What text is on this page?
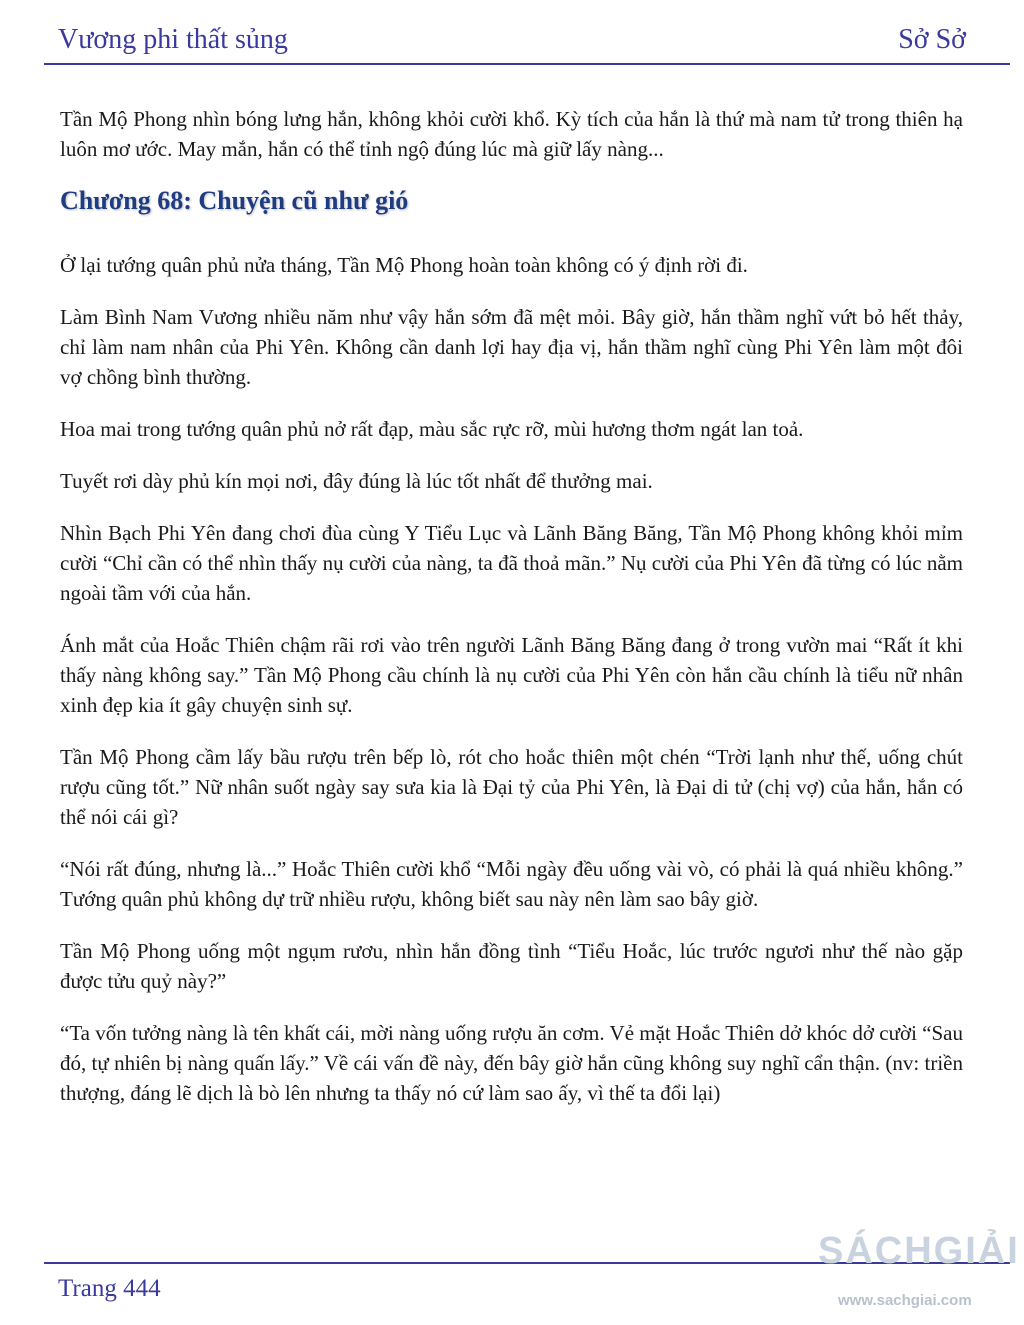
Vương phi thất sủng	Sở Sở

Tần Mộ Phong nhìn bóng lưng hắn, không khỏi cười khổ. Kỳ tích của hắn là thứ mà nam tử trong thiên hạ luôn mơ ước. May mắn, hắn có thể tỉnh ngộ đúng lúc mà giữ lấy nàng...

Chương 68: Chuyện cũ như gió

Ở lại tướng quân phủ nửa tháng, Tần Mộ Phong hoàn toàn không có ý định rời đi.

Làm Bình Nam Vương nhiều năm như vậy hắn sớm đã mệt mỏi. Bây giờ, hắn thầm nghĩ vứt bỏ hết thảy, chỉ làm nam nhân của Phi Yên. Không cần danh lợi hay địa vị, hắn thầm nghĩ cùng Phi Yên làm một đôi vợ chồng bình thường.

Hoa mai trong tướng quân phủ nở rất đạp, màu sắc rực rỡ, mùi hương thơm ngát lan toả.

Tuyết rơi dày phủ kín mọi nơi, đây đúng là lúc tốt nhất để thưởng mai.

Nhìn Bạch Phi Yên đang chơi đùa cùng Y Tiểu Lục và Lãnh Băng Băng, Tần Mộ Phong không khỏi mỉm cười “Chỉ cần có thể nhìn thấy nụ cười của nàng, ta đã thoả mãn.” Nụ cười của Phi Yên đã từng có lúc nằm ngoài tầm với của hắn.

Ánh mắt của Hoắc Thiên chậm rãi rơi vào trên người Lãnh Băng Băng đang ở trong vườn mai “Rất ít khi thấy nàng không say.” Tần Mộ Phong cầu chính là nụ cười của Phi Yên còn hắn cầu chính là tiểu nữ nhân xinh đẹp kia ít gây chuyện sinh sự.

Tần Mộ Phong cầm lấy bầu rượu trên bếp lò, rót cho hoắc thiên một chén “Trời lạnh như thế, uống chút rượu cũng tốt.” Nữ nhân suốt ngày say sưa kia là Đại tỷ của Phi Yên, là Đại di tử (chị vợ) của hắn, hắn có thể nói cái gì?

“Nói rất đúng, nhưng là...” Hoắc Thiên cười khổ “Mỗi ngày đều uống vài vò, có phải là quá nhiều không.” Tướng quân phủ không dự trữ nhiều rượu, không biết sau này nên làm sao bây giờ.

Tần Mộ Phong uống một ngụm rươu, nhìn hắn đồng tình “Tiểu Hoắc, lúc trước ngươi như thế nào gặp được tửu quỷ này?”

“Ta vốn tưởng nàng là tên khất cái, mời nàng uống rượu ăn cơm. Vẻ mặt Hoắc Thiên dở khóc dở cười “Sau đó, tự nhiên bị nàng quấn lấy.” Về cái vấn đề này, đến bây giờ hắn cũng không suy nghĩ cẩn thận. (nv: triền thượng, đáng lẽ dịch là bò lên nhưng ta thấy nó cứ làm sao ấy, vì thế ta đổi lại)

Trang 444
SÁCHGIẢI
www.sachgiai.com
